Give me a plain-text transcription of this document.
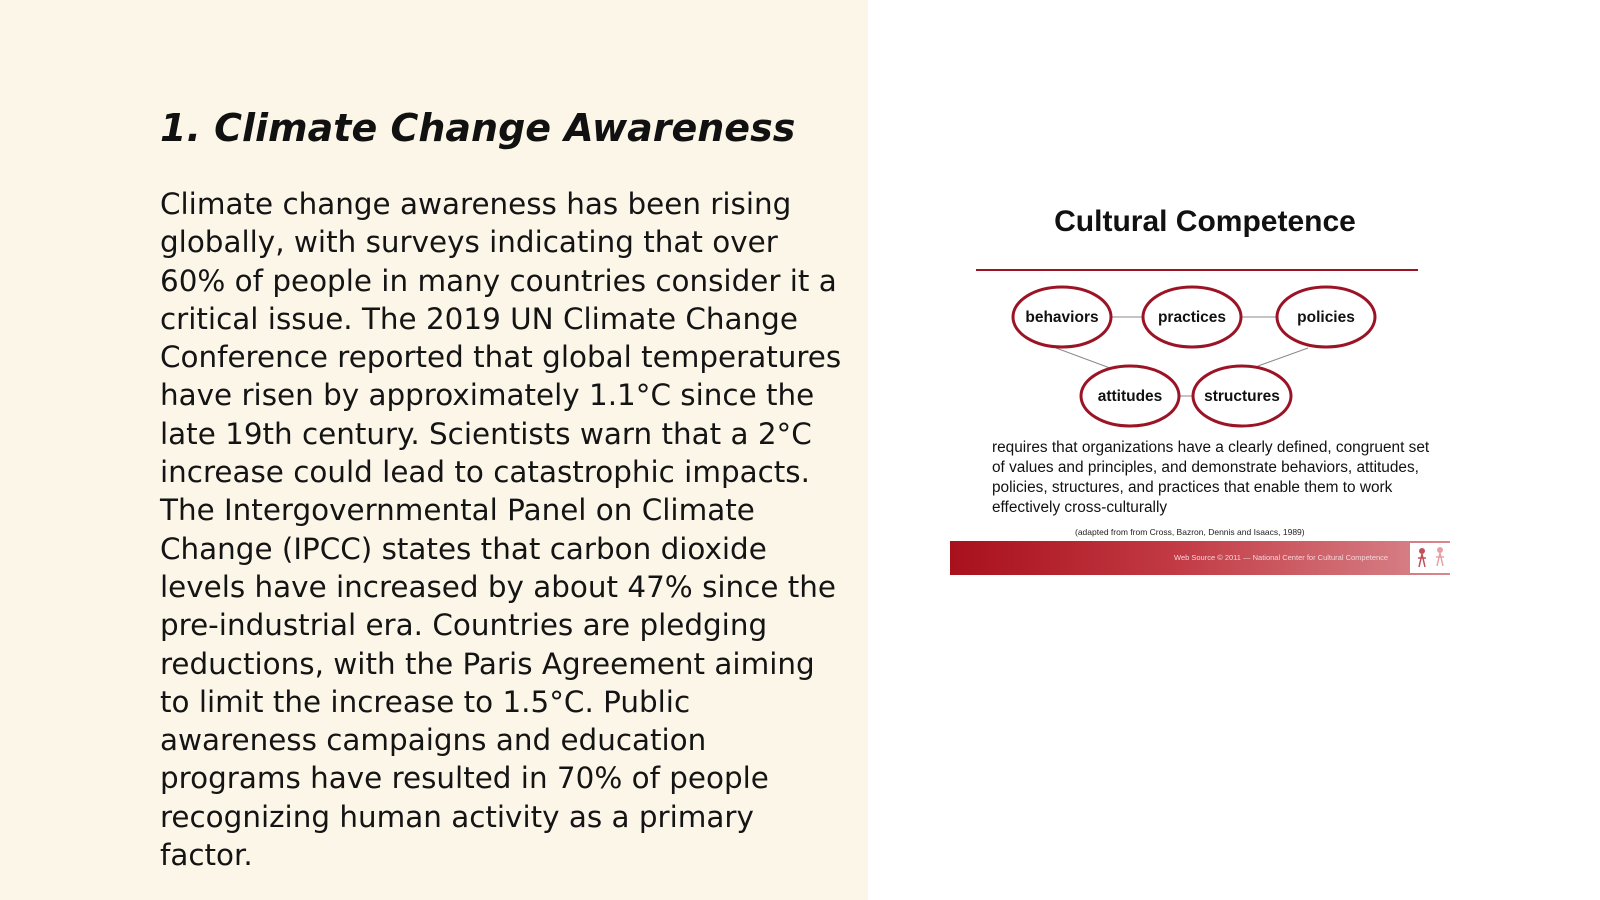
1. Climate Change Awareness

Climate change awareness has been rising globally, with surveys indicating that over 60% of people in many countries consider it a critical issue. The 2019 UN Climate Change Conference reported that global temperatures have risen by approximately 1.1°C since the late 19th century. Scientists warn that a 2°C increase could lead to catastrophic impacts. The Intergovernmental Panel on Climate Change (IPCC) states that carbon dioxide levels have increased by about 47% since the pre-industrial era. Countries are pledging reductions, with the Paris Agreement aiming to limit the increase to 1.5°C. Public awareness campaigns and education programs have resulted in 70% of people recognizing human activity as a primary factor.

Cultural Competence
behaviors	practices	policies
attitudes	structures

requires that organizations have a clearly defined, congruent set of values and principles, and demonstrate behaviors, attitudes, policies, structures, and practices that enable them to work effectively cross-culturally

(adapted from from Cross, Bazron, Dennis and Isaacs, 1989)

Web Source © 2011 — National Center for Cultural Competence
